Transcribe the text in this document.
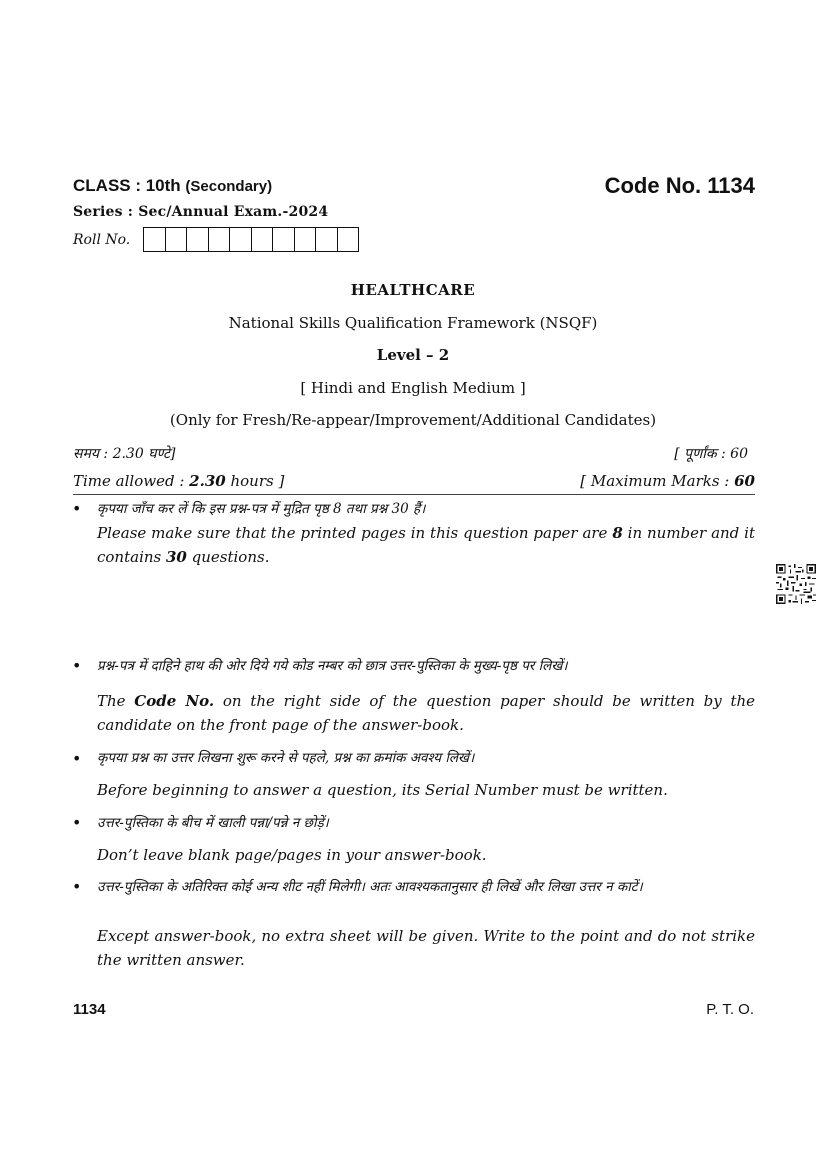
CLASS : 10th (Secondary)	Code No. 1134
Series : Sec/Annual Exam.-2024
Roll No.
HEALTHCARE
National Skills Qualification Framework (NSQF)
Level – 2
[ Hindi and English Medium ]
(Only for Fresh/Re-appear/Improvement/Additional Candidates)
समय : 2.30 घण्टे]	[ पूर्णांक : 60
Time allowed : 2.30 hours ]	[ Maximum Marks : 60
• कृपया जाँच कर लें कि इस प्रश्न-पत्र में मुद्रित पृष्ठ 8 तथा प्रश्न 30 हैं।
Please make sure that the printed pages in this question paper are 8 in number and it contains 30 questions.
• प्रश्न-पत्र में दाहिने हाथ की ओर दिये गये कोड नम्बर को छात्र उत्तर-पुस्तिका के मुख्य-पृष्ठ पर लिखें।
The Code No. on the right side of the question paper should be written by the candidate on the front page of the answer-book.
• कृपया प्रश्न का उत्तर लिखना शुरू करने से पहले, प्रश्न का क्रमांक अवश्य लिखें।
Before beginning to answer a question, its Serial Number must be written.
• उत्तर-पुस्तिका के बीच में खाली पन्ना/पन्ने न छोड़ें।
Don’t leave blank page/pages in your answer-book.
• उत्तर-पुस्तिका के अतिरिक्त कोई अन्य शीट नहीं मिलेगी। अतः आवश्यकतानुसार ही लिखें और लिखा उत्तर न काटें।
Except answer-book, no extra sheet will be given. Write to the point and do not strike the written answer.
1134	P. T. O.
